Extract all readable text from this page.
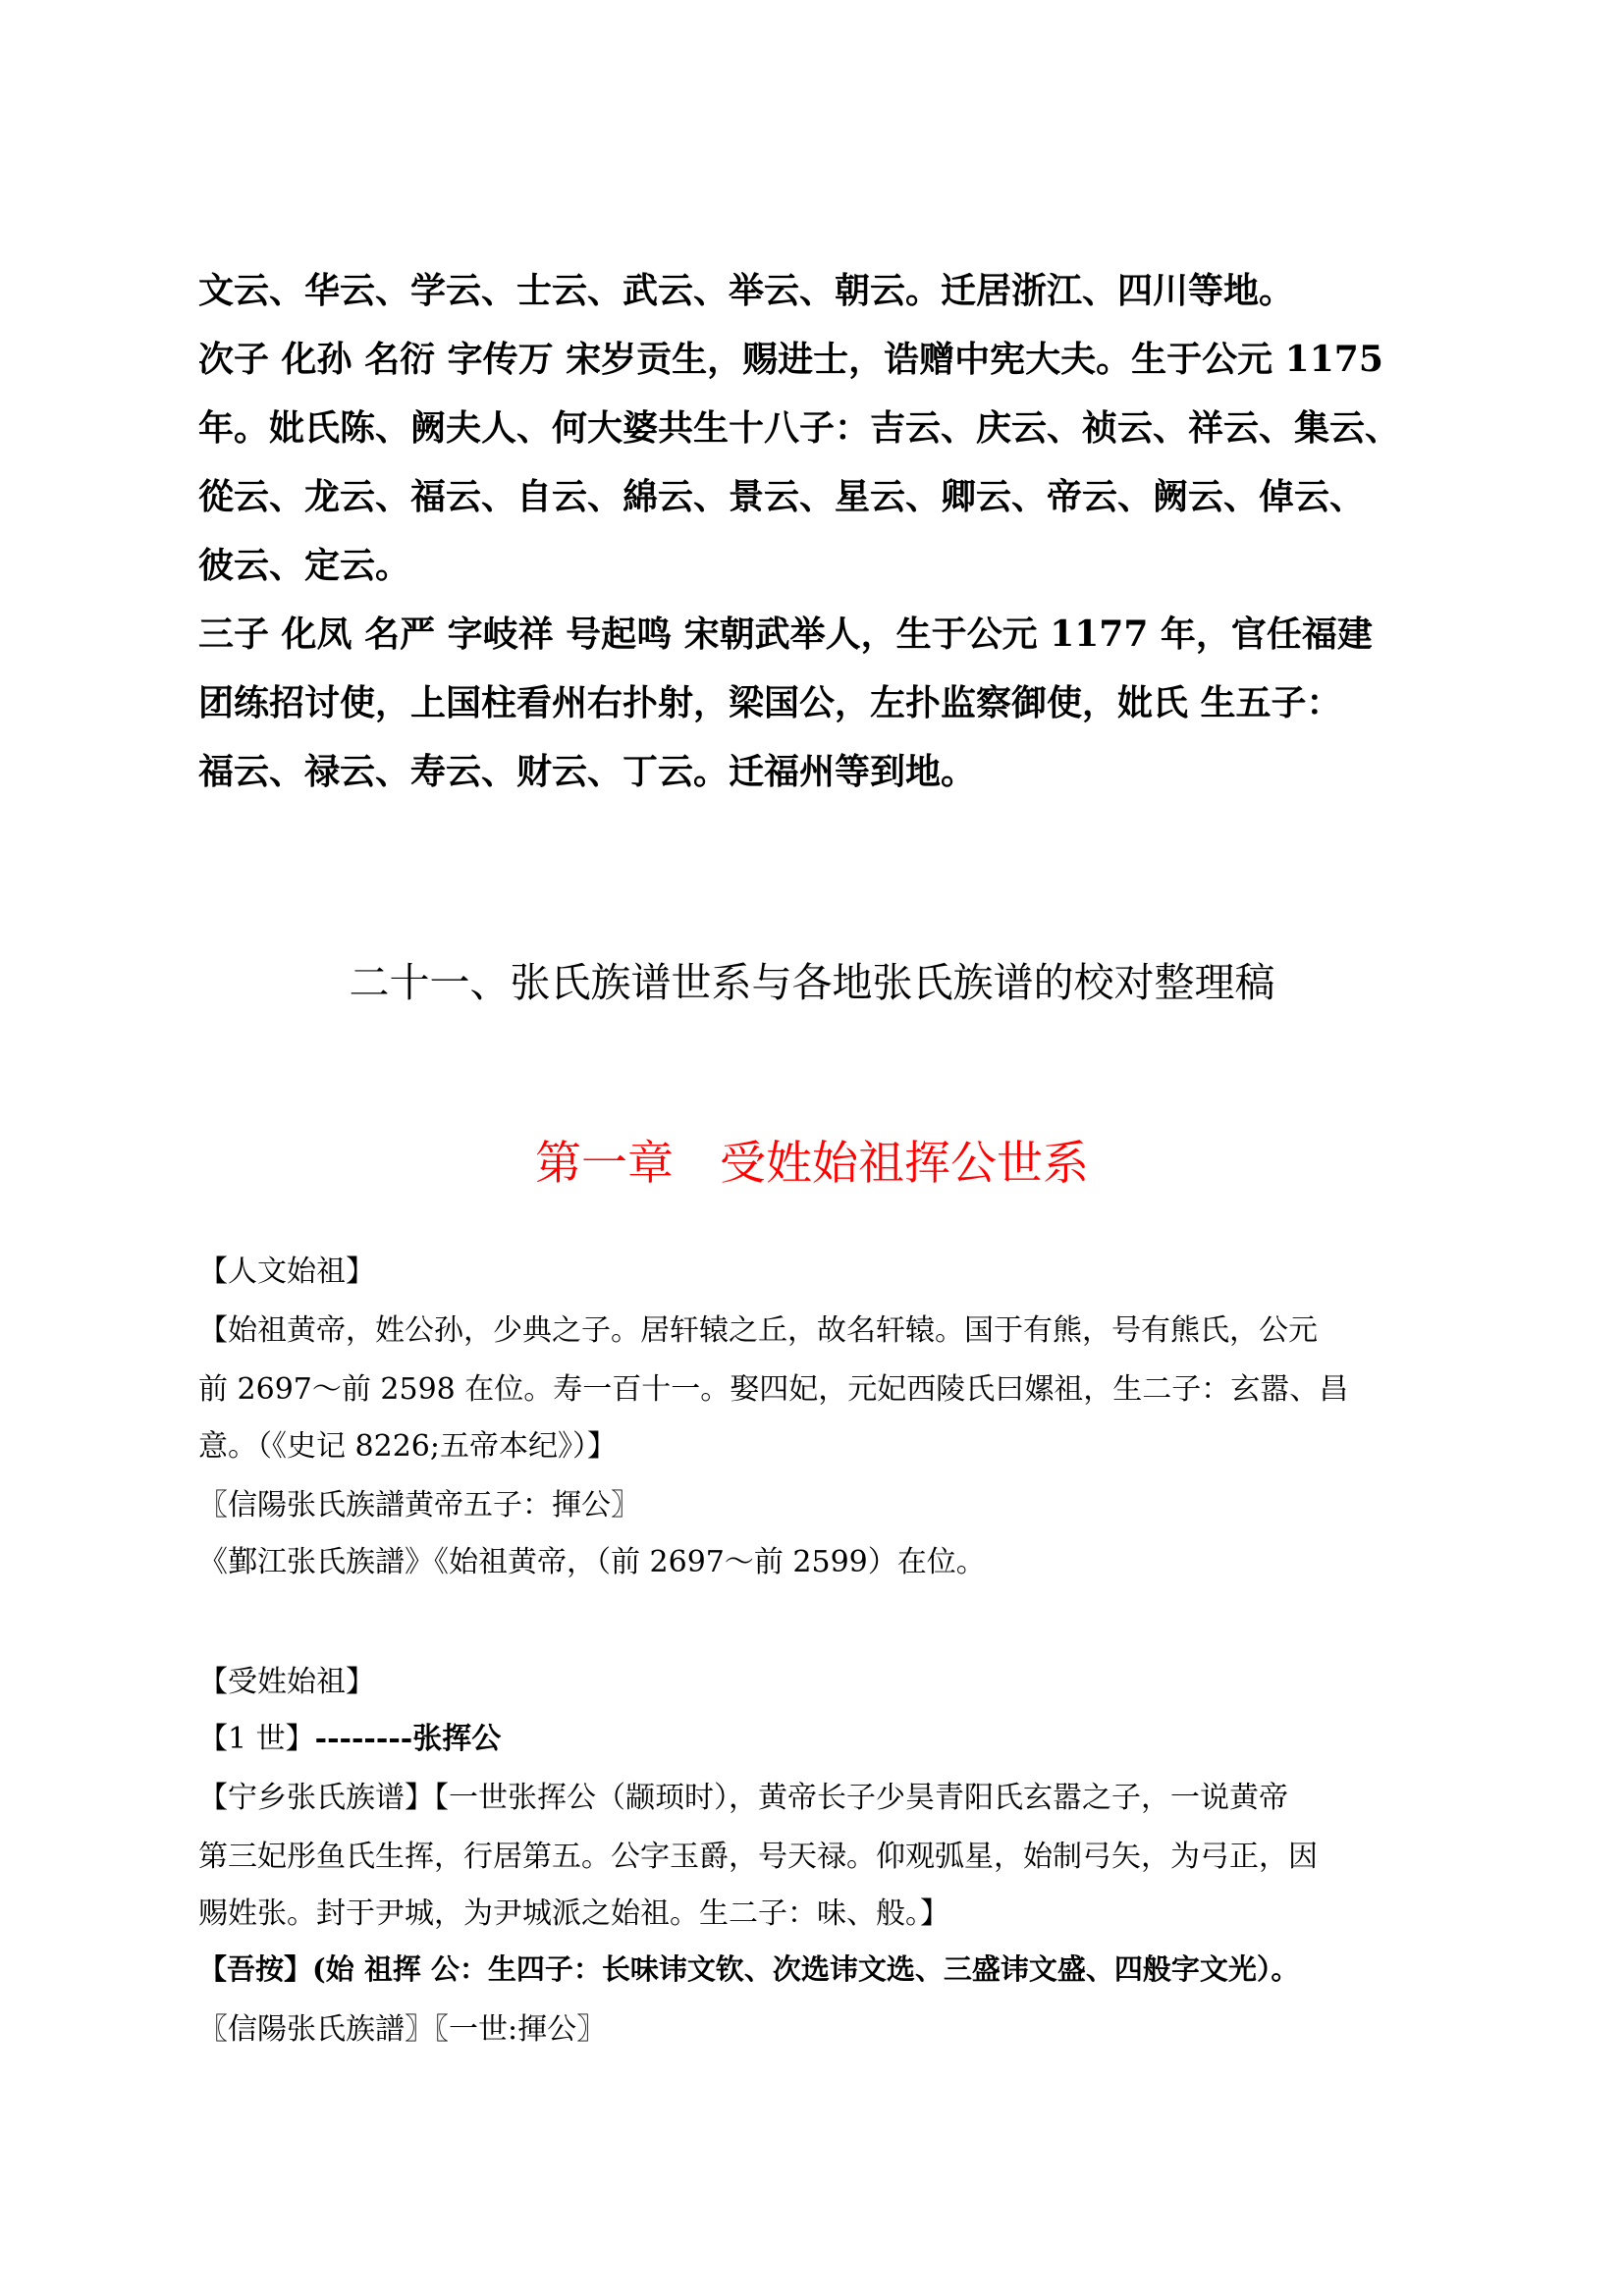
文云、华云、学云、士云、武云、举云、朝云。迁居浙江、四川等地。
次子 化孙 名衍 字传万 宋岁贡生，赐进士，诰赠中宪大夫。生于公元 1175
年。妣氏陈、阙夫人、何大婆共生十八子：吉云、庆云、祯云、祥云、集云、
從云、龙云、福云、自云、綿云、景云、星云、卿云、帝云、阙云、倬云、
彼云、定云。
三子 化凤 名严 字岐祥 号起鸣 宋朝武举人，生于公元 1177 年，官任福建
团练招讨使，上国柱看州右扑射，梁国公，左扑监察御使，妣氏 生五子：
福云、禄云、寿云、财云、丁云。迁福州等到地。
二十一、张氏族谱世系与各地张氏族谱的校对整理稿
第一章　受姓始祖挥公世系
【人文始祖】
【始祖黄帝，姓公孙，少典之子。居轩辕之丘，故名轩辕。国于有熊，号有熊氏，公元
前 2697～前 2598 在位。寿一百十一。娶四妃，元妃西陵氏曰嫘祖，生二子：玄嚣、昌
意。（《史记 8226;五帝本纪》）】
〖信陽张氏族譜黄帝五子：揮公〗
《鄞江张氏族譜》《始祖黄帝，（前 2697～前 2599）在位。
【受姓始祖】
【1 世】--------张挥公
【宁乡张氏族谱】【一世张挥公（颛顼时），黄帝长子少昊青阳氏玄嚣之子，一说黄帝
第三妃彤鱼氏生挥，行居第五。公字玉爵，号天禄。仰观弧星，始制弓矢，为弓正，因
赐姓张。封于尹城，为尹城派之始祖。生二子：味、般。】
【吾按】(始 祖挥 公：生四子：长味讳文钦、次选讳文选、三盛讳文盛、四般字文光）。
〖信陽张氏族譜〗〖一世:揮公〗
